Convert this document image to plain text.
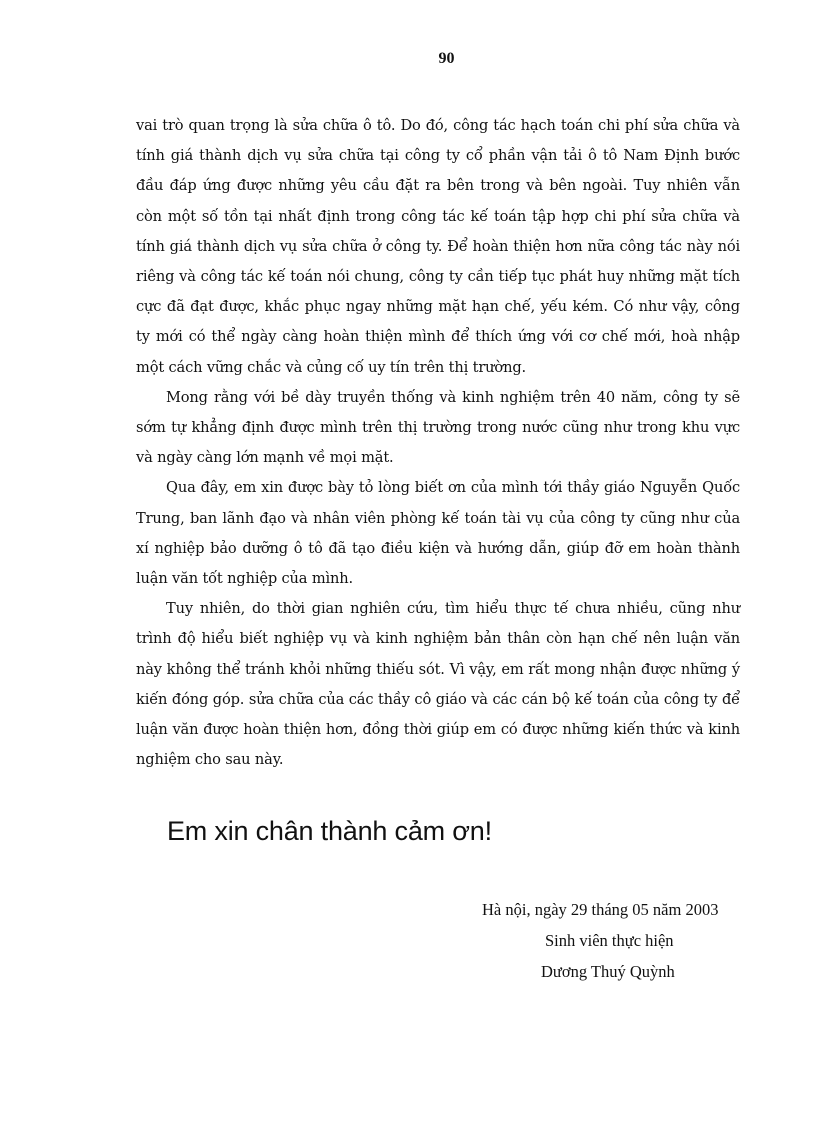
90

vai trò quan trọng là sửa chữa ô tô. Do đó, công tác hạch toán chi phí sửa chữa và tính giá thành dịch vụ sửa chữa tại công ty cổ phần vận tải ô tô Nam Định bước đầu đáp ứng được những yêu cầu đặt ra bên trong và bên ngoài. Tuy nhiên vẫn còn một số tồn tại nhất định trong công tác kế toán tập hợp chi phí sửa chữa và tính giá thành dịch vụ sửa chữa ở công ty. Để hoàn thiện hơn nữa công tác này nói riêng và công tác kế toán nói chung, công ty cần tiếp tục phát huy những mặt tích cực đã đạt được, khắc phục ngay những mặt hạn chế, yếu kém. Có như vậy, công ty mới có thể ngày càng hoàn thiện mình để thích ứng với cơ chế mới, hoà nhập một cách vững chắc và củng cố uy tín trên thị trường.

Mong rằng với bề dày truyền thống và kinh nghiệm trên 40 năm, công ty sẽ sớm tự khẳng định được mình trên thị trường trong nước cũng như trong khu vực và ngày càng lớn mạnh về mọi mặt.

Qua đây, em xin được bày tỏ lòng biết ơn của mình tới thầy giáo Nguyễn Quốc Trung, ban lãnh đạo và nhân viên phòng kế toán tài vụ của công ty cũng như của xí nghiệp bảo dưỡng ô tô đã tạo điều kiện và hướng dẫn, giúp đỡ em hoàn thành luận văn tốt nghiệp của mình.

Tuy nhiên, do thời gian nghiên cứu, tìm hiểu thực tế chưa nhiều, cũng như trình độ hiểu biết nghiệp vụ và kinh nghiệm bản thân còn hạn chế nên luận văn này không thể tránh khỏi những thiếu sót. Vì vậy, em rất mong nhận được những ý kiến đóng góp. sửa chữa của các thầy cô giáo và các cán bộ kế toán của công ty để luận văn được hoàn thiện hơn, đồng thời giúp em có được những kiến thức và kinh nghiệm cho sau này.

Em xin chân thành cảm ơn!
Hà nội, ngày 29 tháng 05 năm 2003
Sinh viên thực hiện
Dương Thuý Quỳnh
